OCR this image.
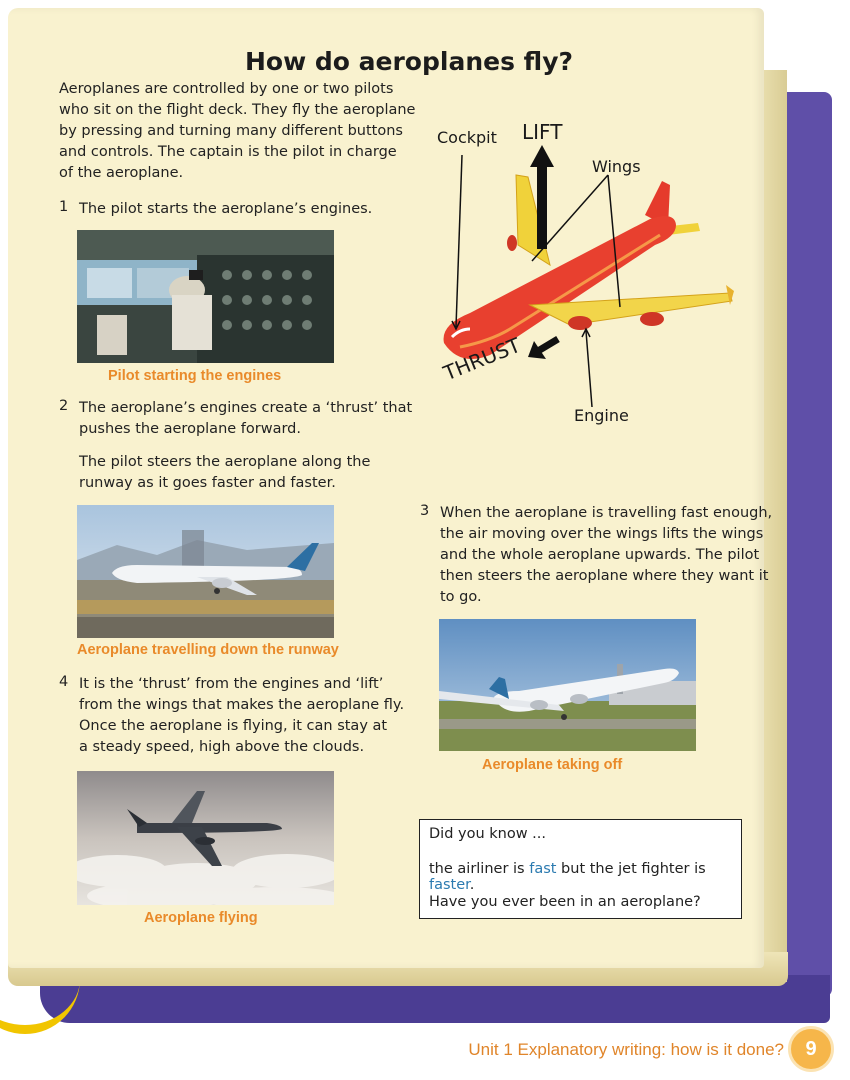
How do aeroplanes fly?

Aeroplanes are controlled by one or two pilots

who sit on the flight deck. They fly the aeroplane

by pressing and turning many different buttons

and controls. The captain is the pilot in charge

of the aeroplane.

1 The pilot starts the aeroplane’s engines.

Pilot starting the engines
2 The aeroplane’s engines create a ‘thrust’ that

pushes the aeroplane forward.

The pilot steers the aeroplane along the

runway as it goes faster and faster.

Aeroplane travelling down the runway
4 It is the ‘thrust’ from the engines and ‘lift’

from the wings that makes the aeroplane fly.

Once the aeroplane is flying, it can stay at

a steady speed, high above the clouds.

Aeroplane flying
Cockpit LIFT
Wings
THRUST
Engine
3 When the aeroplane is travelling fast enough,

the air moving over the wings lifts the wings

and the whole aeroplane upwards. The pilot

then steers the aeroplane where they want it

to go.

Aeroplane taking off
Did you know ...
the airliner is fast but the jet fighter is faster.
Have you ever been in an aeroplane?
Unit 1 Explanatory writing: how is it done? 9
